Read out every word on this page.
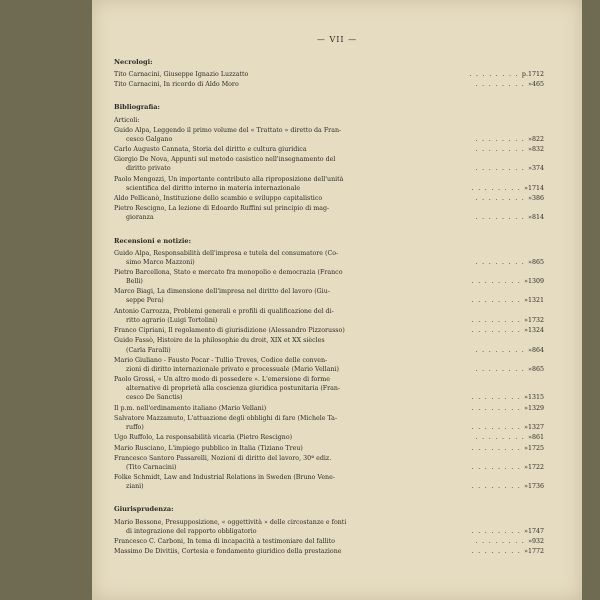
— VII —
Necrologi:
Tito Carnacini, Giuseppe Ignazio Luzzatto	. . . . . . . . p. 1712
Tito Carnacini, In ricordo di Aldo Moro	. . . . . . . . » 465
Bibliografia:
Articoli:
Guido Alpa, Leggendo il primo volume del « Trattato » diretto da Fran-
cesco Galgano	. . . . . . . . » 822
Carlo Augusto Cannata, Storia del diritto e cultura giuridica	. . . . . . . . » 832
Giorgio De Nova, Appunti sul metodo casistico nell'insegnamento del
diritto privato	. . . . . . . . » 374
Paolo Mengozzi, Un importante contributo alla riproposizione dell'unità
scientifica del diritto interno in materia internazionale	. . . . . . . . » 1714
Aldo Pellicanò, Instituzione dello scambio e sviluppo capitalistico	. . . . . . . . » 386
Pietro Rescigno, La lezione di Edoardo Ruffini sul principio di mag-
gioranza	. . . . . . . . » 814
Recensioni e notizie:
Guido Alpa, Responsabilità dell'impresa e tutela del consumatore (Co-
simo Marco Mazzoni)	. . . . . . . . » 865
Pietro Barcellona, Stato e mercato fra monopolio e democrazia (Franco
Belli)	. . . . . . . . » 1309
Marco Biagi, La dimensione dell'impresa nel diritto del lavoro (Giu-
seppe Pera)	. . . . . . . . » 1321
Antonio Carrozza, Problemi generali e profili di qualificazione del di-
ritto agrario (Luigi Tortolini)	. . . . . . . . » 1732
Franco Cipriani, Il regolamento di giurisdizione (Alessandro Pizzorusso)	. . . . . . . . » 1324
Guido Fassò, Histoire de la philosophie du droit, XIX et XX siècles
(Carla Faralli)	. . . . . . . . » 864
Mario Giuliano - Fausto Pocar - Tullio Treves, Codice delle conven-
zioni di diritto internazionale privato e processuale (Mario Vellani)	. . . . . . . . » 865
Paolo Grossi, « Un altro modo di possedere ». L'emersione di forme
alternative di proprietà alla coscienza giuridica postunitaria (Fran-
cesco De Sanctis)	. . . . . . . . » 1315
Il p.m. nell'ordinamento italiano (Mario Vellani)	. . . . . . . . » 1329
Salvatore Mazzamuto, L'attuazione degli obblighi di fare (Michele Ta-
ruffo)	. . . . . . . . » 1327
Ugo Ruffolo, La responsabilità vicaria (Pietro Rescigno)	. . . . . . . . » 861
Mario Rusciano, L'impiego pubblico in Italia (Tiziano Treu)	. . . . . . . . » 1725
Francesco Santoro Passarelli, Nozioni di diritto del lavoro, 30ª ediz.
(Tito Carnacini)	. . . . . . . . » 1722
Folke Schmidt, Law and Industrial Relations in Sweden (Bruno Vene-
ziani)	. . . . . . . . » 1736
Giurisprudenza:
Mario Bessone, Presupposizione, « oggettività » delle circostanze e fonti
di integrazione del rapporto obbligatorio	. . . . . . . . » 1747
Francesco C. Carboni, In tema di incapacità a testimoniare del fallito	. . . . . . . . » 932
Massimo De Divitiis, Cortesia e fondamento giuridico della prestazione	. . . . . . . . » 1772
